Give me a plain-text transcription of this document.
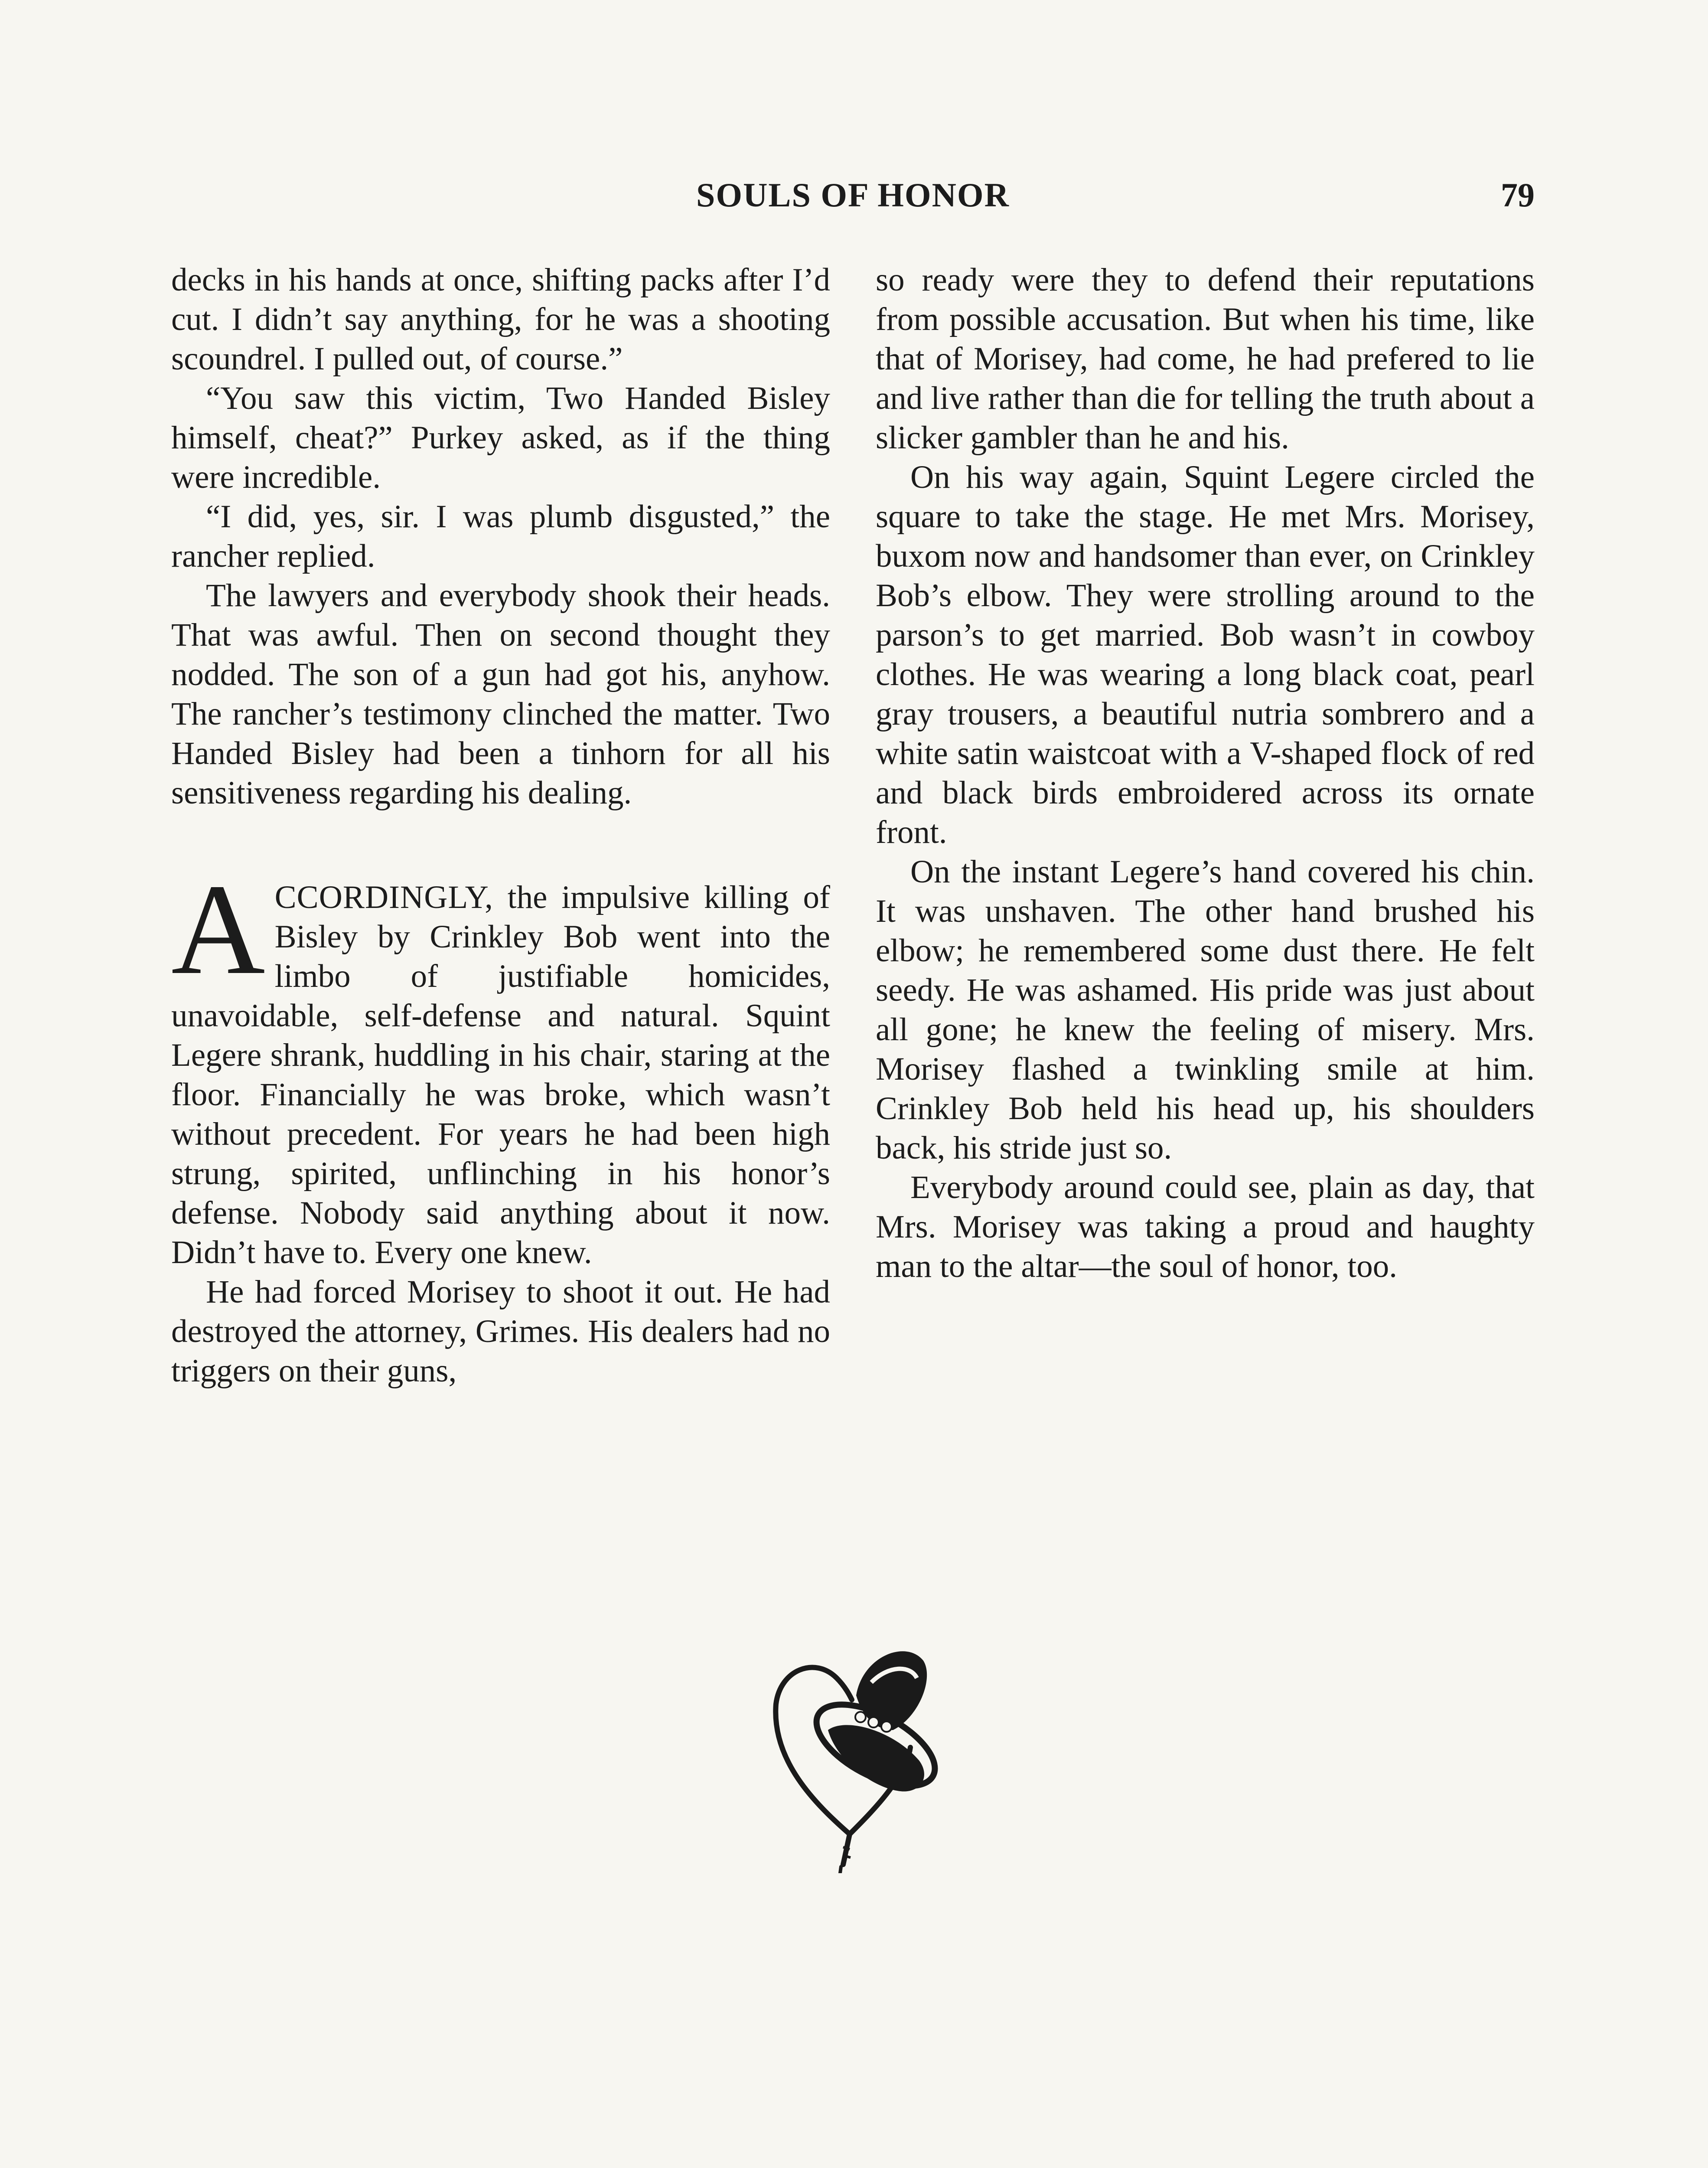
SOULS OF HONOR	79

decks in his hands at once, shifting packs after I’d cut. I didn’t say anything, for he was a shooting scoundrel. I pulled out, of course.”

“You saw this victim, Two Handed Bisley himself, cheat?” Purkey asked, as if the thing were incredible.

“I did, yes, sir. I was plumb disgusted,” the rancher replied.

The lawyers and everybody shook their heads. That was awful. Then on second thought they nodded. The son of a gun had got his, anyhow. The rancher’s testimony clinched the matter. Two Handed Bisley had been a tinhorn for all his sensitiveness regarding his dealing.

ACCORDINGLY, the impulsive killing of Bisley by Crinkley Bob went into the limbo of justifiable homicides, unavoidable, self-defense and natural. Squint Legere shrank, huddling in his chair, staring at the floor. Financially he was broke, which wasn’t without precedent. For years he had been high strung, spirited, unflinching in his honor’s defense. Nobody said anything about it now. Didn’t have to. Every one knew.

He had forced Morisey to shoot it out. He had destroyed the attorney, Grimes. His dealers had no triggers on their guns,

so ready were they to defend their reputations from possible accusation. But when his time, like that of Morisey, had come, he had prefered to lie and live rather than die for telling the truth about a slicker gambler than he and his.

On his way again, Squint Legere circled the square to take the stage. He met Mrs. Morisey, buxom now and handsomer than ever, on Crinkley Bob’s elbow. They were strolling around to the parson’s to get married. Bob wasn’t in cowboy clothes. He was wearing a long black coat, pearl gray trousers, a beautiful nutria sombrero and a white satin waistcoat with a V-shaped flock of red and black birds embroidered across its ornate front.

On the instant Legere’s hand covered his chin. It was unshaven. The other hand brushed his elbow; he remembered some dust there. He felt seedy. He was ashamed. His pride was just about all gone; he knew the feeling of misery. Mrs. Morisey flashed a twinkling smile at him. Crinkley Bob held his head up, his shoulders back, his stride just so.

Everybody around could see, plain as day, that Mrs. Morisey was taking a proud and haughty man to the altar—the soul of honor, too.
